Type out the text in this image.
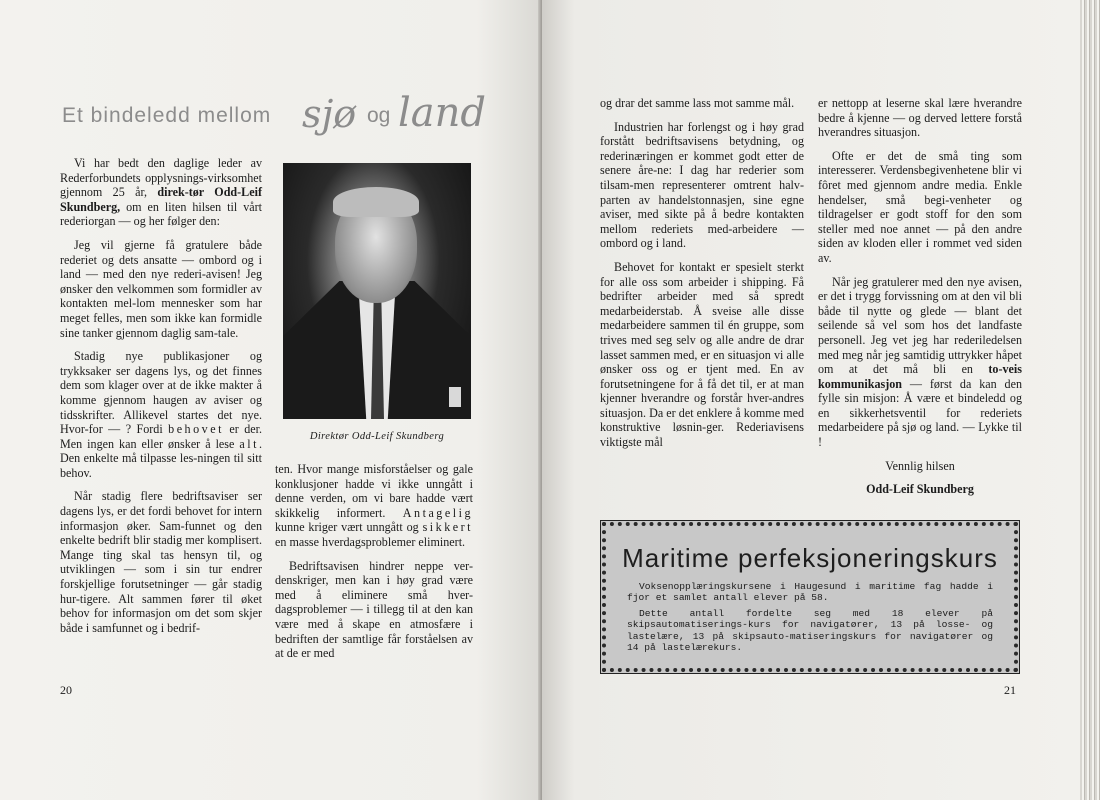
Et bindeledd mellom sjø og land

Vi har bedt den daglige leder av Rederforbundets opplysnings-virksomhet gjennom 25 år, direk-tør Odd-Leif Skundberg, om en liten hilsen til vårt rederiorgan — og her følger den:

Jeg vil gjerne få gratulere både rederiet og dets ansatte — ombord og i land — med den nye rederi-avisen! Jeg ønsker den velkommen som formidler av kontakten mel-lom mennesker som har meget felles, men som ikke kan formidle sine tanker gjennom daglig sam-tale.

Stadig nye publikasjoner og trykksaker ser dagens lys, og det finnes dem som klager over at de ikke makter å komme gjennom haugen av aviser og tidsskrifter. Allikevel startes det nye. Hvor-for — ? Fordi behovet er der. Men ingen kan eller ønsker å lese alt. Den enkelte må tilpasse les-ningen til sitt behov.

Når stadig flere bedriftsaviser ser dagens lys, er det fordi behovet for intern informasjon øker. Sam-funnet og den enkelte bedrift blir stadig mer komplisert. Mange ting skal tas hensyn til, og utviklingen — som i sin tur endrer forskjellige forutsetninger — går stadig hur-tigere. Alt sammen fører til øket behov for informasjon om det som skjer både i samfunnet og i bedrif-

Direktør Odd-Leif Skundberg

ten. Hvor mange misforståelser og gale konklusjoner hadde vi ikke unngått i denne verden, om vi bare hadde vært skikkelig informert. Antagelig kunne kriger vært unngått og sikkert en masse hverdagsproblemer eliminert.

Bedriftsavisen hindrer neppe ver-denskriger, men kan i høy grad være med å eliminere små hver-dagsproblemer — i tillegg til at den kan være med å skape en atmosfære i bedriften der samtlige får forståelsen av at de er med

20

og drar det samme lass mot samme mål.

Industrien har forlengst og i høy grad forstått bedriftsavisens betydning, og rederinæringen er kommet godt etter de senere åre-ne: I dag har rederier som tilsam-men representerer omtrent halv-parten av handelstonnasjen, sine egne aviser, med sikte på å bedre kontakten mellom rederiets med-arbeidere — ombord og i land.

Behovet for kontakt er spesielt sterkt for alle oss som arbeider i shipping. Få bedrifter arbeider med så spredt medarbeiderstab. Å sveise alle disse medarbeidere sammen til én gruppe, som trives med seg selv og alle andre de drar lasset sammen med, er en situasjon vi alle ønsker oss og er tjent med. En av forutsetningene for å få det til, er at man kjenner hverandre og forstår hver-andres situasjon. Da er det enklere å komme med konstruktive løsnin-ger. Rederiavisens viktigste mål

er nettopp at leserne skal lære hverandre bedre å kjenne — og derved lettere forstå hverandres situasjon.

Ofte er det de små ting som interesserer. Verdensbegivenhetene blir vi fôret med gjennom andre media. Enkle hendelser, små begi-venheter og tildragelser er godt stoff for den som steller med noe annet — på den andre siden av kloden eller i rommet ved siden av.

Når jeg gratulerer med den nye avisen, er det i trygg forvissning om at den vil bli både til nytte og glede — blant det seilende så vel som hos det landfaste personell. Jeg vet jeg har rederiledelsen med meg når jeg samtidig uttrykker håpet om at det må bli en to-veis kommunikasjon — først da kan den fylle sin misjon: Å være et bindeledd og en sikkerhetsventil for rederiets medarbeidere på sjø og land. — Lykke til !

Vennlig hilsen

Odd-Leif Skundberg

Maritime perfeksjoneringskurs

Voksenopplæringskursene i Haugesund i maritime fag hadde i fjor et samlet antall elever på 58.

Dette antall fordelte seg med 18 elever på skipsautomatiserings-kurs for navigatører, 13 på losse- og lastelære, 13 på skipsauto-matiseringskurs for navigatører og 14 på lastelærekurs.

21
